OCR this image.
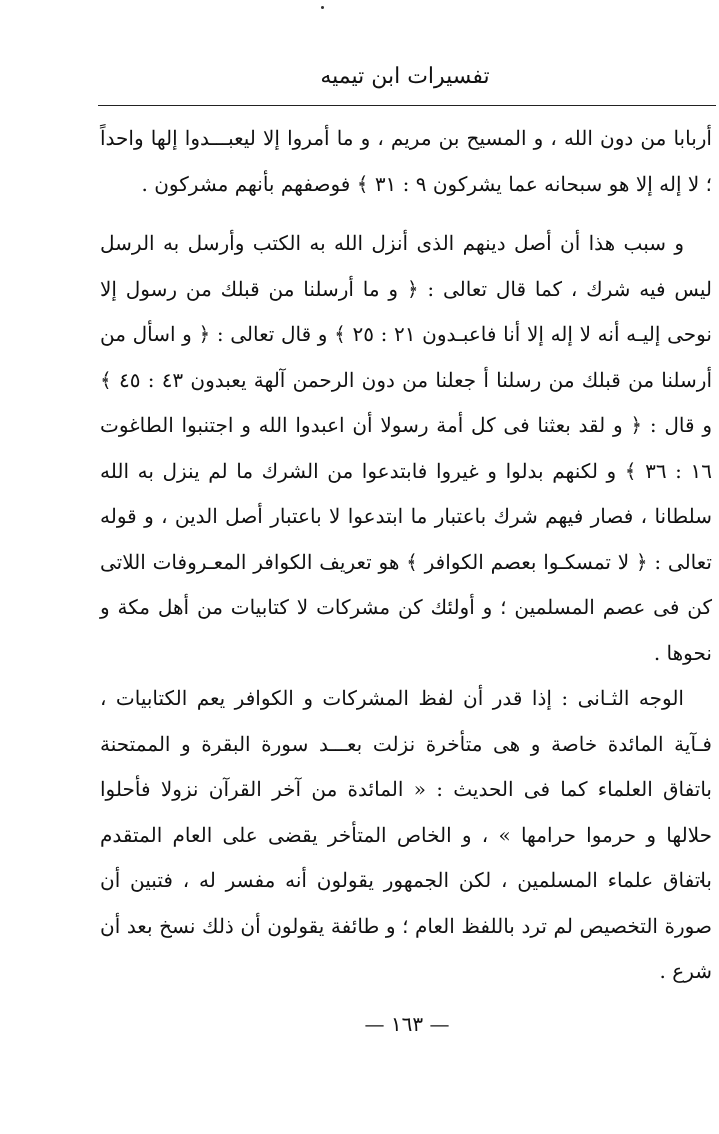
تفسيرات ابن تيميه

أربابا من دون الله ، و المسيح بن مريم ، و ما أمروا إلا ليعبـــدوا إلها واحداً ؛ لا إله إلا هو سبحانه عما يشركون ٩ : ٣١ ﴾ فوصفهم بأنهم مشركون .

و سبب هذا أن أصل دينهم الذى أنزل الله به الكتب وأرسل به الرسل ليس فيه شرك ، كما قال تعالى : ﴿ و ما أرسلنا من قبلك من رسول إلا نوحى إليـه أنه لا إله إلا أنا فاعبـدون ٢١ : ٢٥ ﴾ و قال تعالى : ﴿ و اسأل من أرسلنا من قبلك من رسلنا أ جعلنا من دون الرحمن آلهة يعبدون ٤٣ : ٤٥ ﴾ و قال : ﴿ و لقد بعثنا فى كل أمة رسولا أن اعبدوا الله و اجتنبوا الطاغوت ١٦ : ٣٦ ﴾ و لكنهم بدلوا و غيروا فابتدعوا من الشرك ما لم ينزل به الله سلطانا ، فصار فيهم شرك باعتبار ما ابتدعوا لا باعتبار أصل الدين ، و قوله تعالى : ﴿ لا تمسكـوا بعصم الكوافر ﴾ هو تعريف الكوافر المعـروفات اللاتى كن فى عصم المسلمين ؛ و أولئك كن مشركات لا كتابيات من أهل مكة و نحوها .

الوجه الثـانى : إذا قدر أن لفظ المشركات و الكوافر يعم الكتابيات ، فـآية المائدة خاصة و هى متأخرة نزلت بعـــد سورة البقرة و الممتحنة باتفاق العلماء كما فى الحديث : « المائدة من آخر القرآن نزولا فأحلوا حلالها و حرموا حرامها » ، و الخاص المتأخر يقضى على العام المتقدم باتفاق علماء المسلمين ، لكن الجمهور يقولون أنه مفسر له ، فتبين أن صورة التخصيص لم ترد باللفظ العام ؛ و طائفة يقولون أن ذلك نسخ بعد أن شرع .

— ١٦٣ —
